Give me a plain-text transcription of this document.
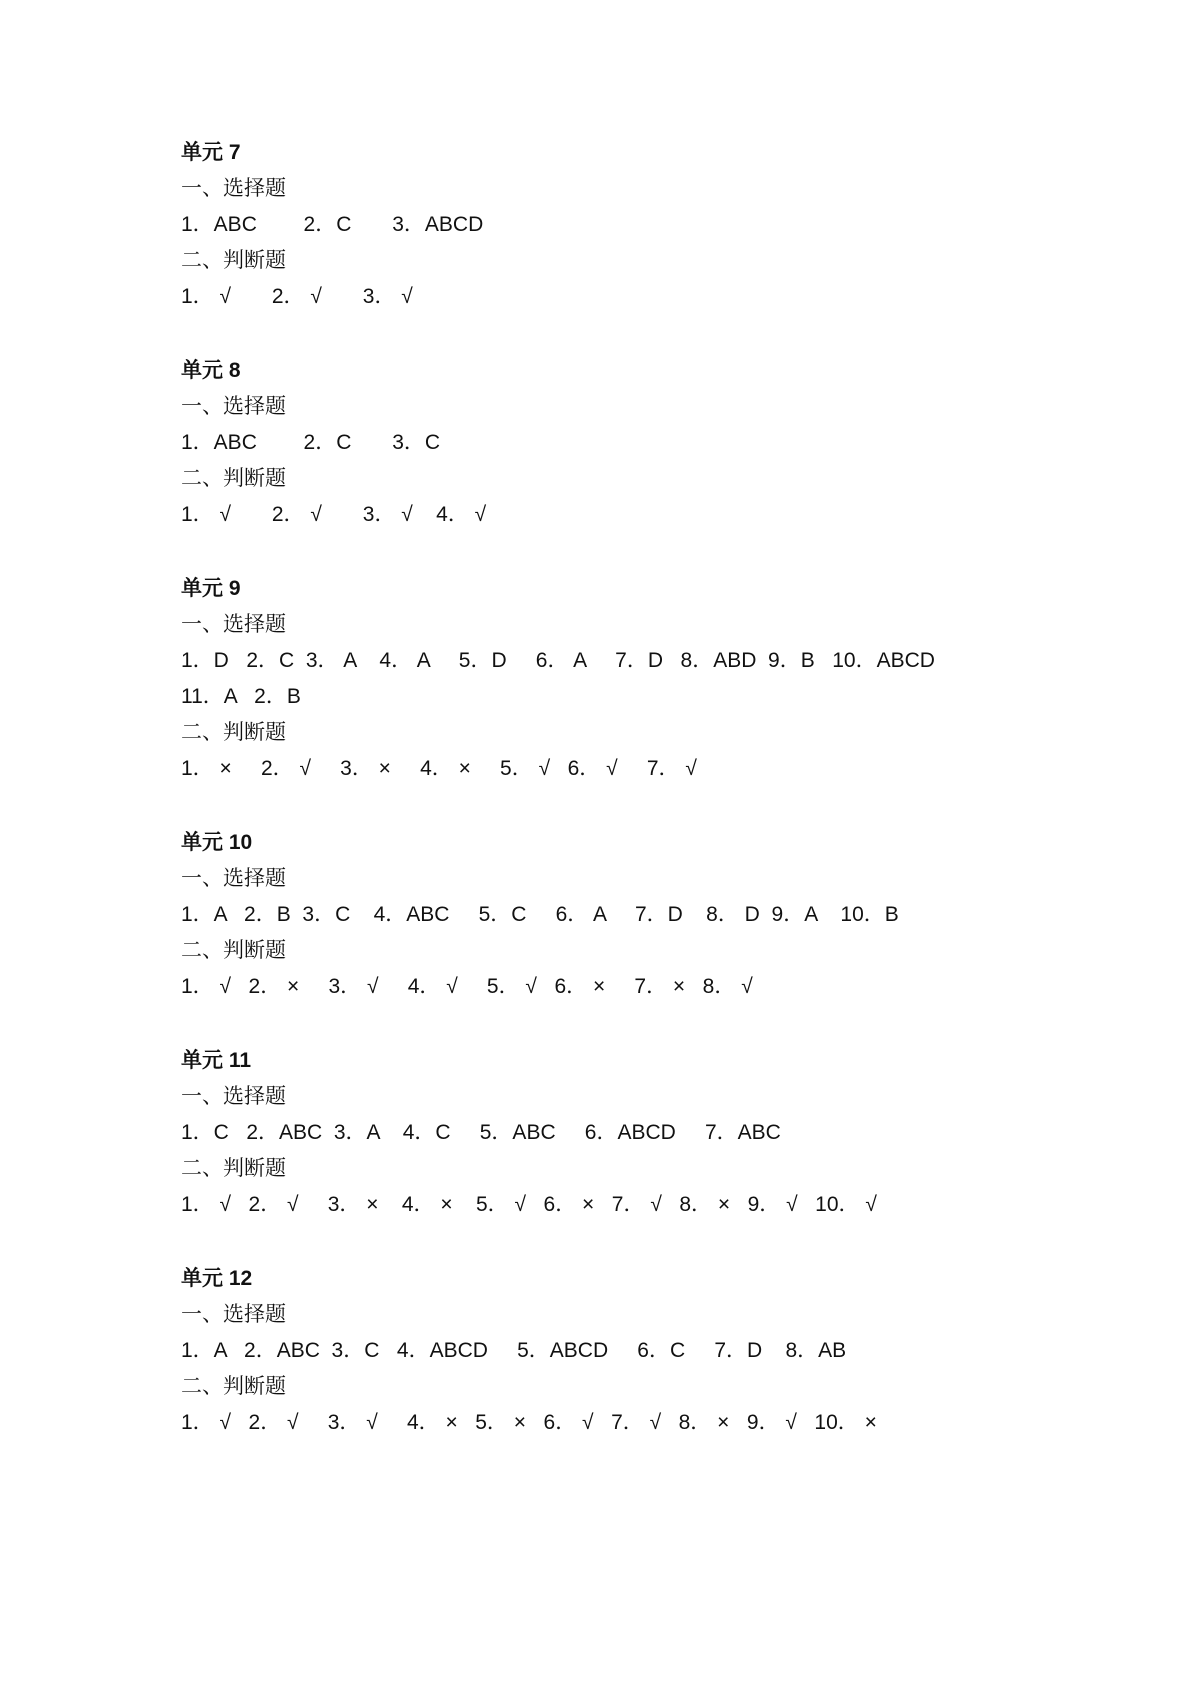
单元 7
一、选择题
1．ABC        2．C       3．ABCD
二、判断题
1． √       2． √       3． √
单元 8
一、选择题
1．ABC        2．C       3．C
二、判断题
1． √       2． √       3． √    4． √
单元 9
一、选择题
1．D   2．C  3． A    4． A     5．D     6． A     7．D   8．ABD  9．B   10．ABCD
11．A   2．B
二、判断题
1． ×     2． √     3． ×     4． ×     5． √   6． √     7． √
单元 10
一、选择题
1．A   2．B  3．C    4．ABC     5．C     6． A     7．D    8． D  9．A    10．B
二、判断题
1． √   2． ×     3． √     4． √     5． √   6． ×     7． ×   8． √
单元 11
一、选择题
1．C   2．ABC  3．A    4．C     5．ABC     6．ABCD     7．ABC
二、判断题
1． √   2． √     3． ×    4． ×    5． √   6． ×   7． √   8． ×   9． √   10． √
单元 12
一、选择题
1．A   2．ABC  3．C   4．ABCD     5．ABCD     6．C     7．D    8．AB
二、判断题
1． √   2． √     3． √     4． ×   5． ×   6． √   7． √   8． ×   9． √   10． ×
